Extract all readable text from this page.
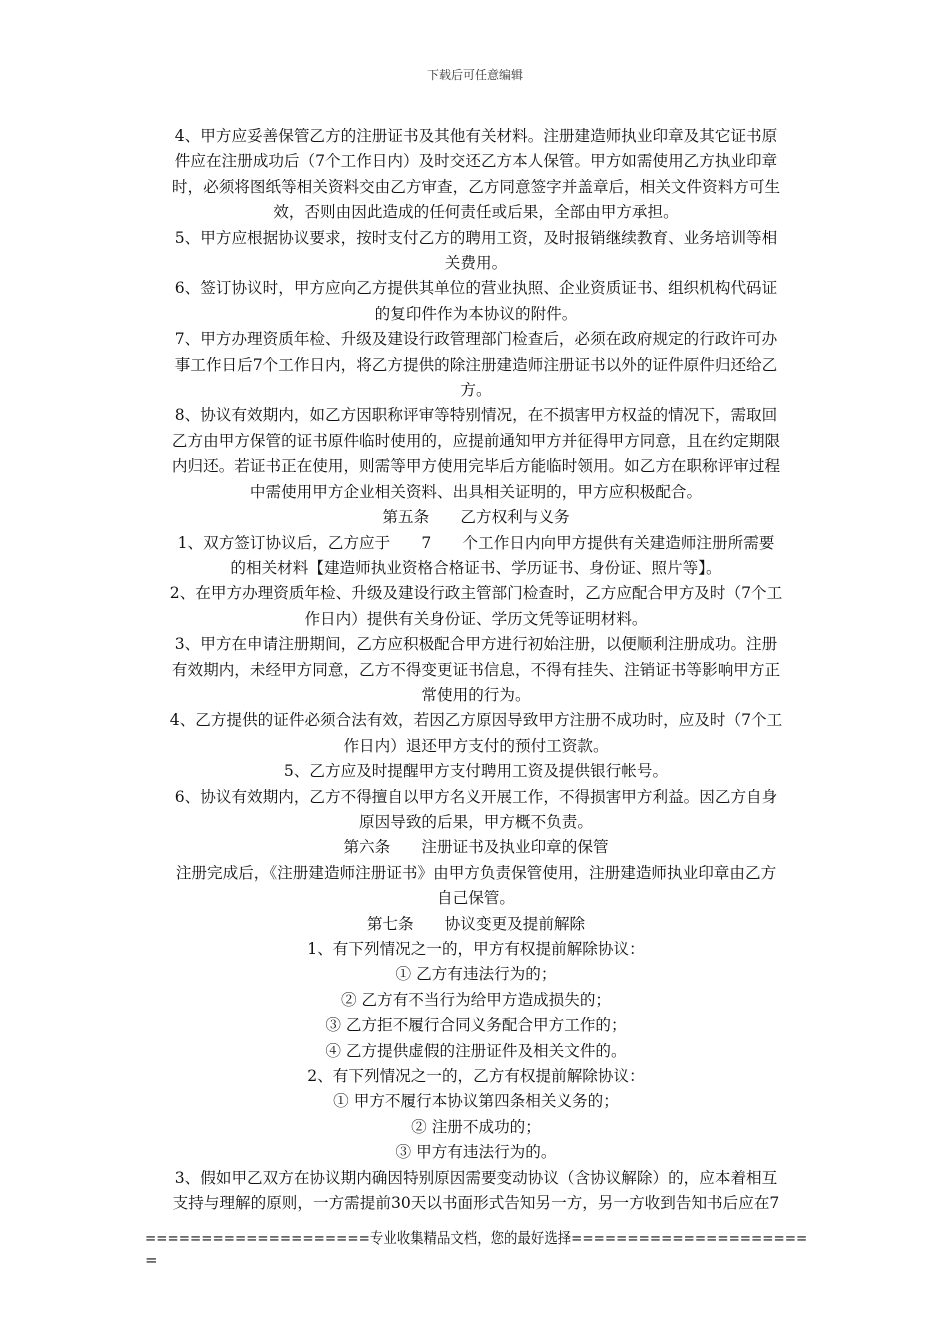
下载后可任意编辑

4、甲方应妥善保管乙方的注册证书及其他有关材料。注册建造师执业印章及其它证书原

件应在注册成功后（7个工作日内）及时交还乙方本人保管。甲方如需使用乙方执业印章

时，必须将图纸等相关资料交由乙方审查，乙方同意签字并盖章后，相关文件资料方可生

效，否则由因此造成的任何责任或后果，全部由甲方承担。

5、甲方应根据协议要求，按时支付乙方的聘用工资，及时报销继续教育、业务培训等相

关费用。

6、签订协议时，甲方应向乙方提供其单位的营业执照、企业资质证书、组织机构代码证

的复印件作为本协议的附件。

7、甲方办理资质年检、升级及建设行政管理部门检查后，必须在政府规定的行政许可办

事工作日后7个工作日内，将乙方提供的除注册建造师注册证书以外的证件原件归还给乙

方。

8、协议有效期内，如乙方因职称评审等特别情况，在不损害甲方权益的情况下，需取回

乙方由甲方保管的证书原件临时使用的，应提前通知甲方并征得甲方同意，且在约定期限

内归还。若证书正在使用，则需等甲方使用完毕后方能临时领用。如乙方在职称评审过程

中需使用甲方企业相关资料、出具相关证明的，甲方应积极配合。

第五条　　乙方权利与义务

1、双方签订协议后，乙方应于　　7　　个工作日内向甲方提供有关建造师注册所需要

的相关材料【建造师执业资格合格证书、学历证书、身份证、照片等】。

2、在甲方办理资质年检、升级及建设行政主管部门检查时，乙方应配合甲方及时（7个工

作日内）提供有关身份证、学历文凭等证明材料。

3、甲方在申请注册期间，乙方应积极配合甲方进行初始注册，以便顺利注册成功。注册

有效期内，未经甲方同意，乙方不得变更证书信息，不得有挂失、注销证书等影响甲方正

常使用的行为。

4、乙方提供的证件必须合法有效，若因乙方原因导致甲方注册不成功时，应及时（7个工

作日内）退还甲方支付的预付工资款。

5、乙方应及时提醒甲方支付聘用工资及提供银行帐号。

6、协议有效期内，乙方不得擅自以甲方名义开展工作，不得损害甲方利益。因乙方自身

原因导致的后果，甲方概不负责。

第六条　　注册证书及执业印章的保管

注册完成后，《注册建造师注册证书》由甲方负责保管使用，注册建造师执业印章由乙方

自己保管。

第七条　　协议变更及提前解除

1、有下列情况之一的，甲方有权提前解除协议：

① 乙方有违法行为的；

② 乙方有不当行为给甲方造成损失的；

③ 乙方拒不履行合同义务配合甲方工作的；

④ 乙方提供虚假的注册证件及相关文件的。

2、有下列情况之一的，乙方有权提前解除协议：

① 甲方不履行本协议第四条相关义务的；

② 注册不成功的；

③ 甲方有违法行为的。

3、假如甲乙双方在协议期内确因特别原因需要变动协议（含协议解除）的，应本着相互

支持与理解的原则，一方需提前30天以书面形式告知另一方，另一方收到告知书后应在7

====================专业收集精品文档，您的最好选择=====================
=
